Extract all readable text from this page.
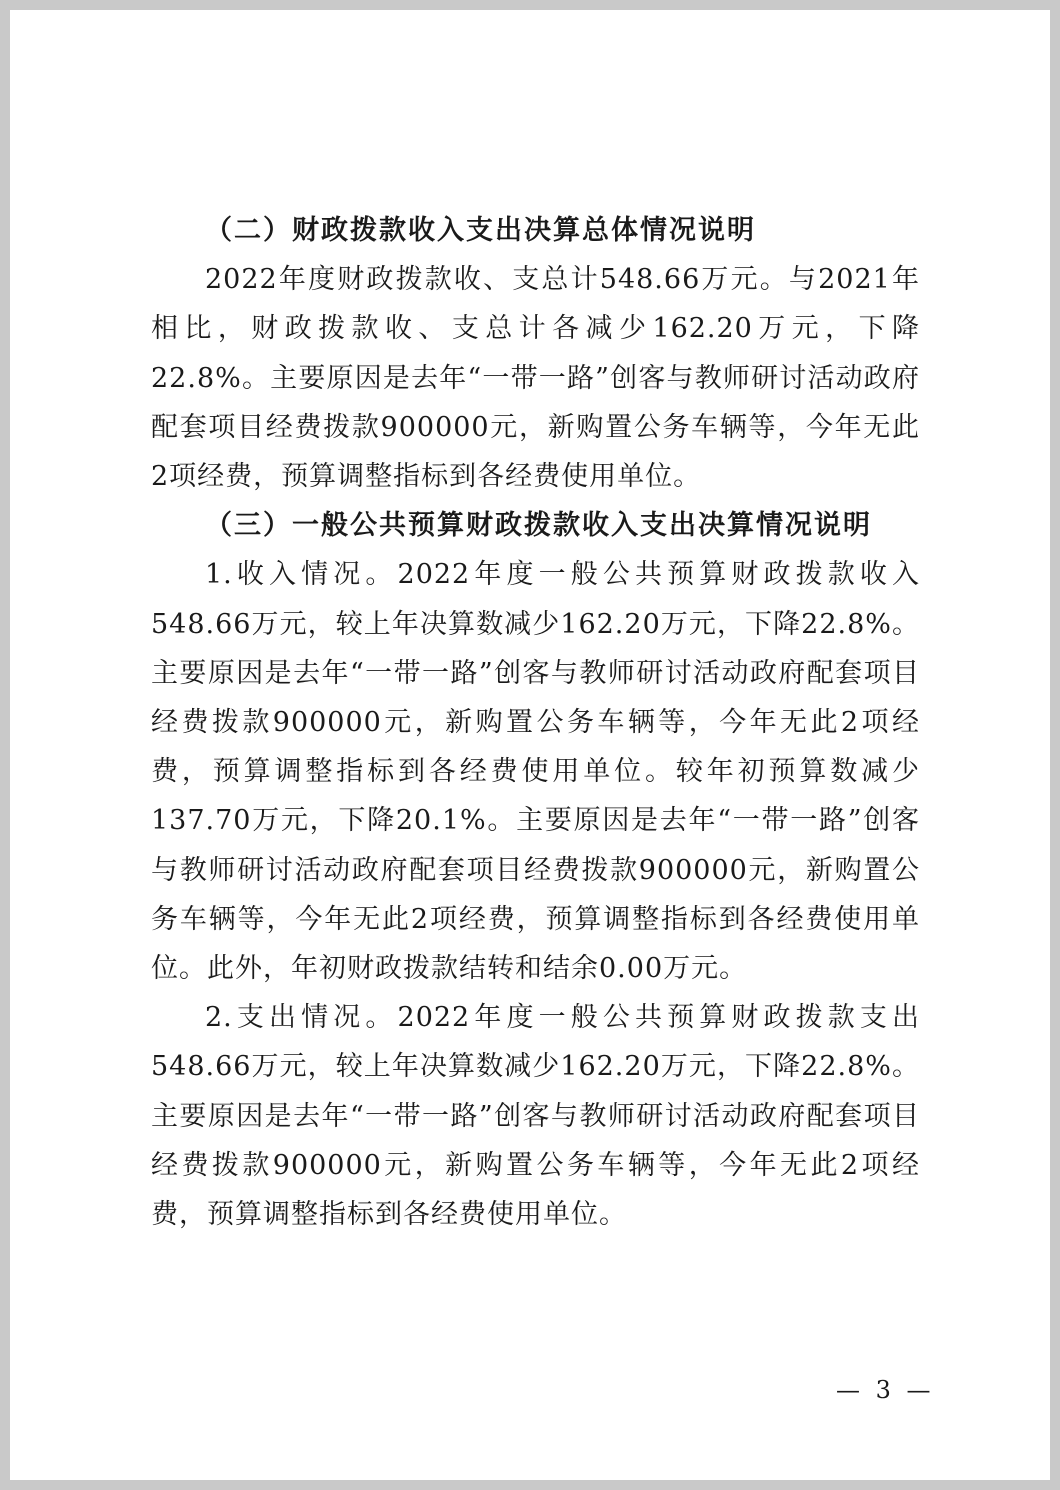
（二）财政拨款收入支出决算总体情况说明

2022年度财政拨款收、支总计548.66万元。与2021年相比，财政拨款收、支总计各减少162.20万元，下降22.8%。主要原因是去年“一带一路”创客与教师研讨活动政府配套项目经费拨款900000元，新购置公务车辆等，今年无此2项经费，预算调整指标到各经费使用单位。

（三）一般公共预算财政拨款收入支出决算情况说明

1.收入情况。2022年度一般公共预算财政拨款收入548.66万元，较上年决算数减少162.20万元，下降22.8%。主要原因是去年“一带一路”创客与教师研讨活动政府配套项目经费拨款900000元，新购置公务车辆等，今年无此2项经费，预算调整指标到各经费使用单位。较年初预算数减少137.70万元，下降20.1%。主要原因是去年“一带一路”创客与教师研讨活动政府配套项目经费拨款900000元，新购置公务车辆等，今年无此2项经费，预算调整指标到各经费使用单位。此外，年初财政拨款结转和结余0.00万元。

2.支出情况。2022年度一般公共预算财政拨款支出548.66万元，较上年决算数减少162.20万元，下降22.8%。主要原因是去年“一带一路”创客与教师研讨活动政府配套项目经费拨款900000元，新购置公务车辆等，今年无此2项经费，预算调整指标到各经费使用单位。

— 3 —
